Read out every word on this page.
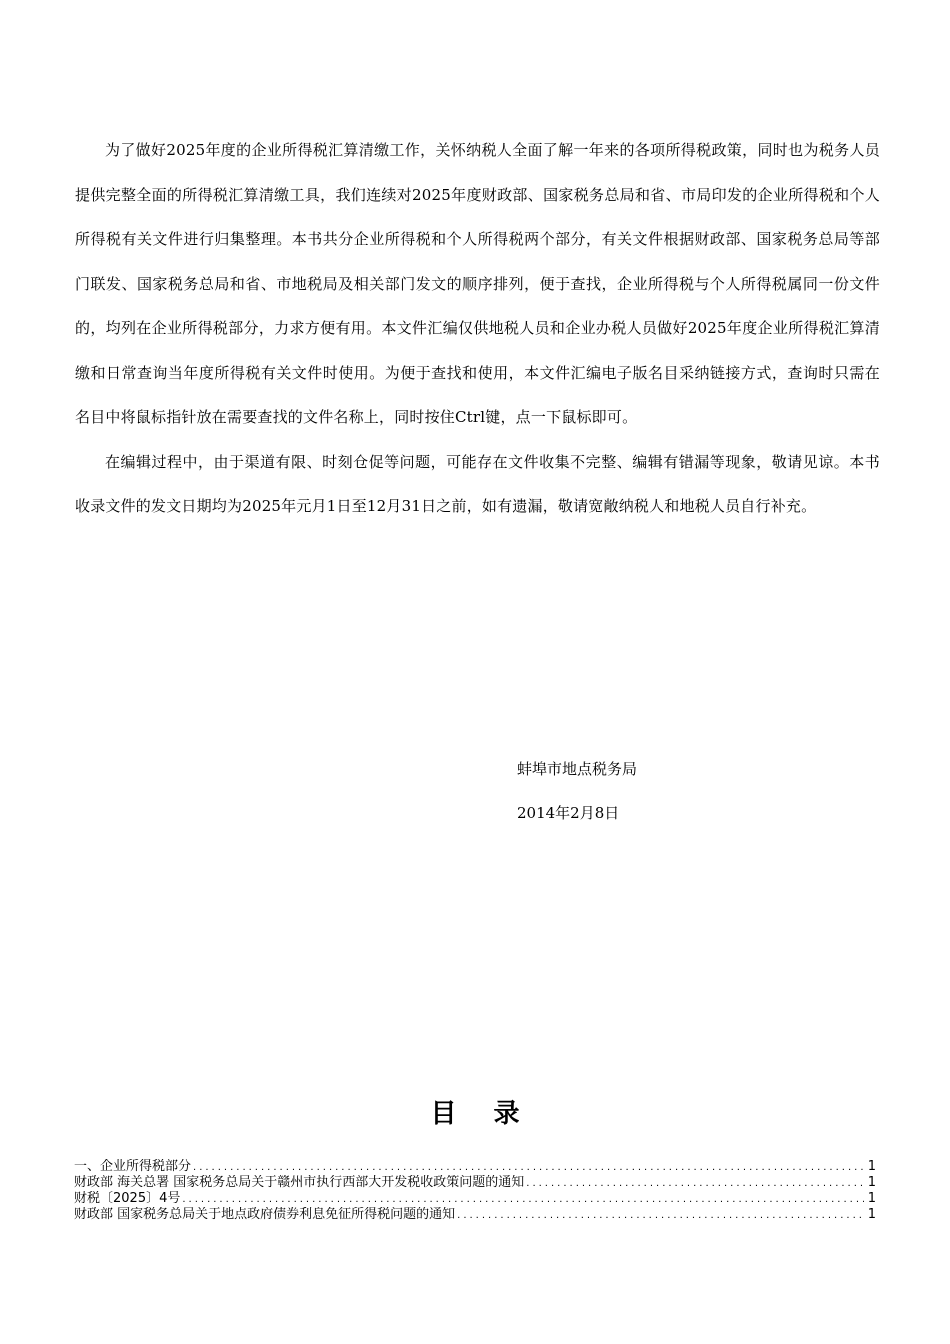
为了做好2025年度的企业所得税汇算清缴工作，关怀纳税人全面了解一年来的各项所得税政策，同时也为税务人员提供完整全面的所得税汇算清缴工具，我们连续对2025年度财政部、国家税务总局和省、市局印发的企业所得税和个人所得税有关文件进行归集整理。本书共分企业所得税和个人所得税两个部分，有关文件根据财政部、国家税务总局等部门联发、国家税务总局和省、市地税局及相关部门发文的顺序排列，便于查找，企业所得税与个人所得税属同一份文件的，均列在企业所得税部分，力求方便有用。本文件汇编仅供地税人员和企业办税人员做好2025年度企业所得税汇算清缴和日常查询当年度所得税有关文件时使用。为便于查找和使用，本文件汇编电子版名目采纳链接方式，查询时只需在名目中将鼠标指针放在需要查找的文件名称上，同时按住Ctrl键，点一下鼠标即可。

在编辑过程中，由于渠道有限、时刻仓促等问题，可能存在文件收集不完整、编辑有错漏等现象，敬请见谅。本书收录文件的发文日期均为2025年元月1日至12月31日之前，如有遗漏，敬请宽敞纳税人和地税人员自行补充。

蚌埠市地点税务局
2014年2月8日
目 录
一、企业所得税部分 .....	1
财政部 海关总署 国家税务总局关于赣州市执行西部大开发税收政策问题的通知 .....	1
财税〔2025〕4号 .....	1
财政部 国家税务总局关于地点政府债券利息免征所得税问题的通知 .....	1
